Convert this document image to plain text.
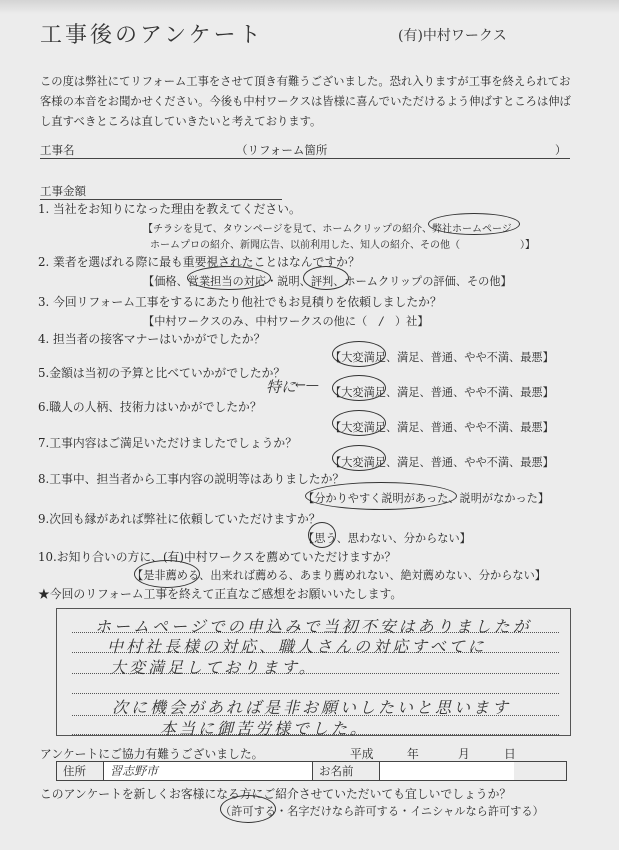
工事後のアンケート	(有)中村ワークス
この度は弊社にてリフォーム工事をさせて頂き有難うございました。恐れ入りますが工事を終えられてお客様の本音をお聞かせください。今後も中村ワークスは皆様に喜んでいただけるよう伸ばすところは伸ばし直すべきところは直していきたいと考えております。
工事名	（リフォーム箇所	）
工事金額
1. 当社をお知りになった理由を教えてください。
【チラシを見て、タウンページを見て、ホームクリップの紹介、弊社ホームページ
ホームプロの紹介、新聞広告、以前利用した、知人の紹介、その他（　　　　　　）】
2. 業者を選ばれる際に最も重要視されたことはなんですか？
【価格、営業担当の対応・説明、評判、ホームクリップの評価、その他】
3. 今回リフォーム工事をするにあたり他社でもお見積りを依頼しましたか？
【中村ワークスのみ、中村ワークスの他に（ / ）社】
4. 担当者の接客マナーはいかがでしたか？
【大変満足、満足、普通、やや不満、最悪】
5.金額は当初の予算と比べていかがでしたか？
特に
←— 【大変満足、満足、普通、やや不満、最悪】
6.職人の人柄、技術力はいかがでしたか？
【大変満足、満足、普通、やや不満、最悪】
7.工事内容はご満足いただけましたでしょうか？
【大変満足、満足、普通、やや不満、最悪】
8.工事中、担当者から工事内容の説明等はありましたか？
【分かりやすく説明があった、説明がなかった】
9.次回も縁があれば弊社に依頼していただけますか？
【思う、思わない、分からない】
10.お知り合いの方に、(有)中村ワークスを薦めていただけますか？
【是非薦める、出来れば薦める、あまり薦めれない、絶対薦めない、分からない】
★今回のリフォーム工事を終えて正直なご感想をお願いいたします。
ホームページでの申込みで当初不安はありましたが
中村社長様の対応、職人さんの対応すべてに
大変満足しております。
次に機会があれば是非お願いしたいと思います
本当に御苦労様でした。
アンケートにご協力有難うございました。	平成	年	月	日
住所	習志野市	お名前
このアンケートを新しくお客様になる方にご紹介させていただいても宜しいでしょうか？
（許可する・名字だけなら許可する・イニシャルなら許可する）
